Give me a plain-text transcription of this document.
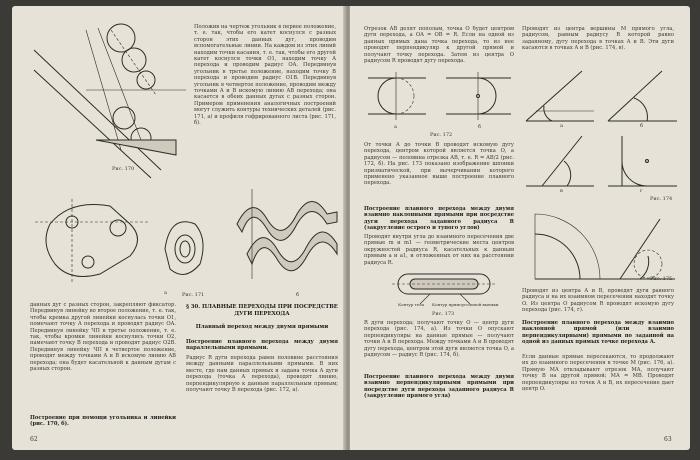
Рис. 170
Положив на чертеж угольник в первое положение, т. е. так, чтобы его катет коснулся с разных сторон этих данных дуг, проводим вспомогательные линии. На каждом из этих линий находим точки касания, т. е. так, чтобы его другой катет коснулся точки O1, находим точку A перехода и проводим радиус OA. Передвинув угольник в третье положение, находим точку B перехода и проводим радиус O1B. Передвинув угольник в четвертое положение, проводим между точками A и B искомую линию AB перехода; она касается в обеих данных дугах с разных сторон. Примером применения аналогичных построений могут служить контуры технических деталей (рис. 171, а) и профиля гофрированного листа (рис. 171, б).
а	б
Рис. 171
данных дуг с разных сторон, закрепляют фиксатор. Передвинув линейку во второе положение, т. е. так, чтобы кромка другой линейки коснулась точки O1, помечают точку A перехода и проводят радиус OA. Передвинув линейку ЧП в третье положение, т. е. так, чтобы кромки линейки коснулись точки O2, намечают точку B перехода и проводят радиус O2B. Передвинув линейку ЧП в четвертое положение, проводят между точками A и B искомую линию AB перехода; она будет касательной к данным дугам с разных сторон.
Построение при помощи угольника и линейки (рис. 170, б).
§ 30. ПЛАВНЫЕ ПЕРЕХОДЫ ПРИ ПОСРЕДСТВЕ ДУГИ ПЕРЕХОДА
Плавный переход между двумя прямыми
Построение плавного перехода между двумя параллельными прямыми.
Радиус R дуги перехода равен половине расстояния между данными параллельными прямыми. В них месте, где нам данных прямых и задана точка A дуги перехода (точка A перехода), проводят линию, перпендикулярную к данным параллельным прямым; получают точку B перехода (рис. 172, а).
62
Отрезок AB делят пополам, точка O будет центром дуги перехода, а OA = OB = R. Если на одной из данных прямых дана точка перехода, то из нее проводят перпендикуляр к другой прямой и получают точку перехода. Затем из центра O радиусом R проводят дугу перехода.
а	б
Рис. 172
От точки A до точки B проводят искомую дугу перехода, центром которой является точка O, а радиусом — половина отрезка AB, т. е. R = AB/2 (рис. 172, б). На рис. 173 показано изображение шпонки призматической, при вычерчивании которого применено указанное выше построение плавного перехода.
Построение плавного перехода между двумя взаимно наклонными прямыми при посредстве дуги перехода заданного радиуса R (закругление острого и тупого углов)
Проводят внутри угла до взаимного пересечения две прямые m и m1 — геометрические места центров окружностей радиуса R, касательных к данным прямым a и a1, и отложенных от них на расстоянии радиуса R.
Контур тела Контур прямоугольной выемки
Рис. 173
R дуги перехода; получают точку O — центр дуги перехода (рис. 174, а). Из точки O опускают перпендикуляры на данные прямые — получают точки A и B перехода. Между точками A и B проводят дугу перехода, центром этой дуги является точка O, а радиусом — радиус R (рис. 174, б).
Построение плавного перехода между двумя взаимно перпендикулярными прямыми при посредстве дуги перехода заданного радиуса R (закругление прямого угла)
Проводят из центра вершины M прямого угла, радиусом, равным радиусу R которой равно заданному, дугу перехода в точках A и B. Эти дуги касаются в точках A и B (рис. 174, в).
а	б
в	г
Рис. 174
Рис. 175
Проводят из центра A и B, проведят дуги равного радиуса и на их взаимном пересечении находят точку O. Из центра O радиусом R проводят искомую дугу перехода (рис. 174, г).
Построение плавного перехода между взаимно наклонной прямой (или взаимно перпендикулярными) прямыми по заданной на одной из данных прямых точке перехода A.
Если данные прямые пересекаются, то продолжают их до взаимного пересечения в точке M (рис. 176, а). Прямую MA откладывают отрезок MA, получают точку B на другой прямой; MA = MB. Проводят перпендикуляры из точек A и B, их пересечение дает центр O.
63
